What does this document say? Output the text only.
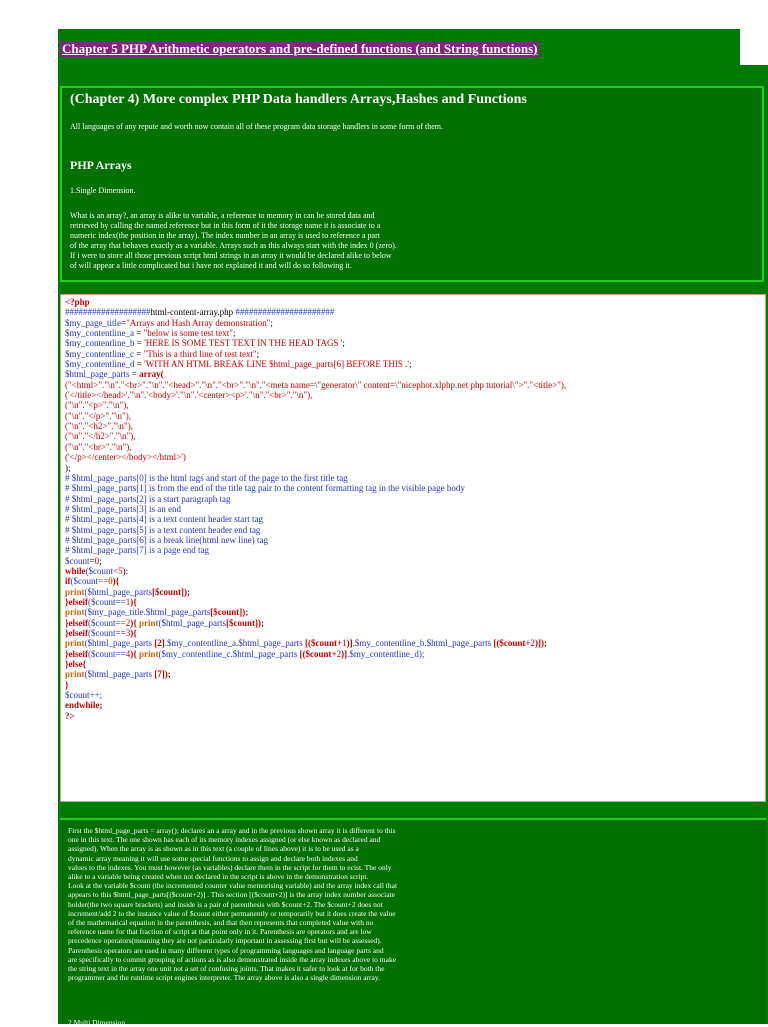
Chapter 5 PHP Arithmetic operators and pre-defined functions (and String functions)
(Chapter 4) More complex PHP Data handlers Arrays,Hashes and Functions
All languages of any repute and worth now contain all of these program data storage handlers in some form of them.
PHP Arrays
1.Single Dimension.
What is an array?, an array is alike to variable, a reference to memory in can be stored data and
retrieved by calling the named reference but in this form of it the storage name it is associate to a
numeric index(the position in the array). The index number in an array is used to reference a part
of the array that behaves exactly as a variable. Arrays such as this always start with the index 0 (zero).
If i were to store all those previous script html strings in an array it would be declared alike to below
of will appear a little complicated but i have not explained it and will do so following it.
<?php
###################html-content-array.php ######################
$my_page_title="Arrays and Hash Array demonstration";
$my_contentline_a = "below is some test text";
$my_contentline_b = 'HERE IS SOME TEST TEXT IN THE HEAD TAGS ';
$my_contentline_c = "This is a third line of test text";
$my_contentline_d = 'WITH AN HTML BREAK LINE $html_page_parts[6] BEFORE THIS .';
$html_page_parts = array(
("<html>"."\n"."<br>"."\n"."<head>"."\n"."<br>"."\n"."<meta name=\"generator\" content=\"nicephot.xlphp.net php tutorial\">"."<title>"),
('</title></head>'."\n".'<body>'."\n".'<center><p>'."\n"."<br>"."\n"),
("\n"."<p>"."\n"),
("\n"."</p>"."\n"),
("\n"."<h2>"."\n"),
("\n"."</h2>"."\n"),
("\n"."<br>"."\n"),
('</p></center></body></html>')
);
# $html_page_parts[0] is the html tags and start of the page to the first title tag
# $html_page_parts[1] is from the end of the title tag pair to the content formatting tag in the visible page body
# $html_page_parts[2] is a start paragraph tag
# $html_page_parts[3] is an end
# $html_page_parts[4] is a text content header start tag
# $html_page_parts[5] is a text content header end tag
# $html_page_parts[6] is a break line(html new line) tag
# $html_page_parts[7] is a page end tag
$count=0;
while($count<5):
if($count==0){
print($html_page_parts[$count]);
}elseif($count==1){
print($my_page_title.$html_page_parts[$count]);
}elseif($count==2){ print($html_page_parts[$count]);
}elseif($count==3){
print($html_page_parts [2].$my_contentline_a.$html_page_parts [($count+1)].$my_contentline_b.$html_page_parts [($count+2)]);
}elseif($count==4){ print($my_contentline_c.$html_page_parts [($count+2)].$my_contentline_d);
}else{
print($html_page_parts [7]);
}
$count++;
endwhile;
?>
First the $html_page_parts = array(); declares an a array and in the previous shown array it is different to this
one in this text. The one shown has each of its memory indexes assigned (or else known as declared and
assigned). When the array is as shown as in this text (a couple of lines above) it is to be used as a
dynamic array meaning it will use some special functions to assign and declare both indexes and
values to the indexes. You must however (as variables) declare them in the script for them to ecist. The only
alike to a variable being created when not declared in the script is above in the demonstration script.
Look at the variable $count (the incremented counter value memorising variable) and the array index call that
appears to this $html_page_parts[($count+2)] . This section [($count+2)] is the array index number associate
holder(the two square brackets) and inside is a pair of parenthesis with $count+2. The $count+2 does not
increment/add 2 to the instance value of $count either permanently or temporarily but it does create the value
of the mathematical equation in the parenthesis, and that then represents that completed value with no
reference name for that fraction of script at that point only in it. Parenthesis are operators and are low
precedence operators(meaning they are not particularly important in assessing first but will be assessed).
Parenthesis operators are used in many different types of programming languages and language parts and
are specifically to commit grouping of actions as is also demonstrated inside the array indexes above to make
the string text in the array one unit not a set of confusing joints. That makes it safer to look at for both the
programmer and the runtime script engines interpreter. The array above is also a single dimension array.
2.Multi Dimension.
